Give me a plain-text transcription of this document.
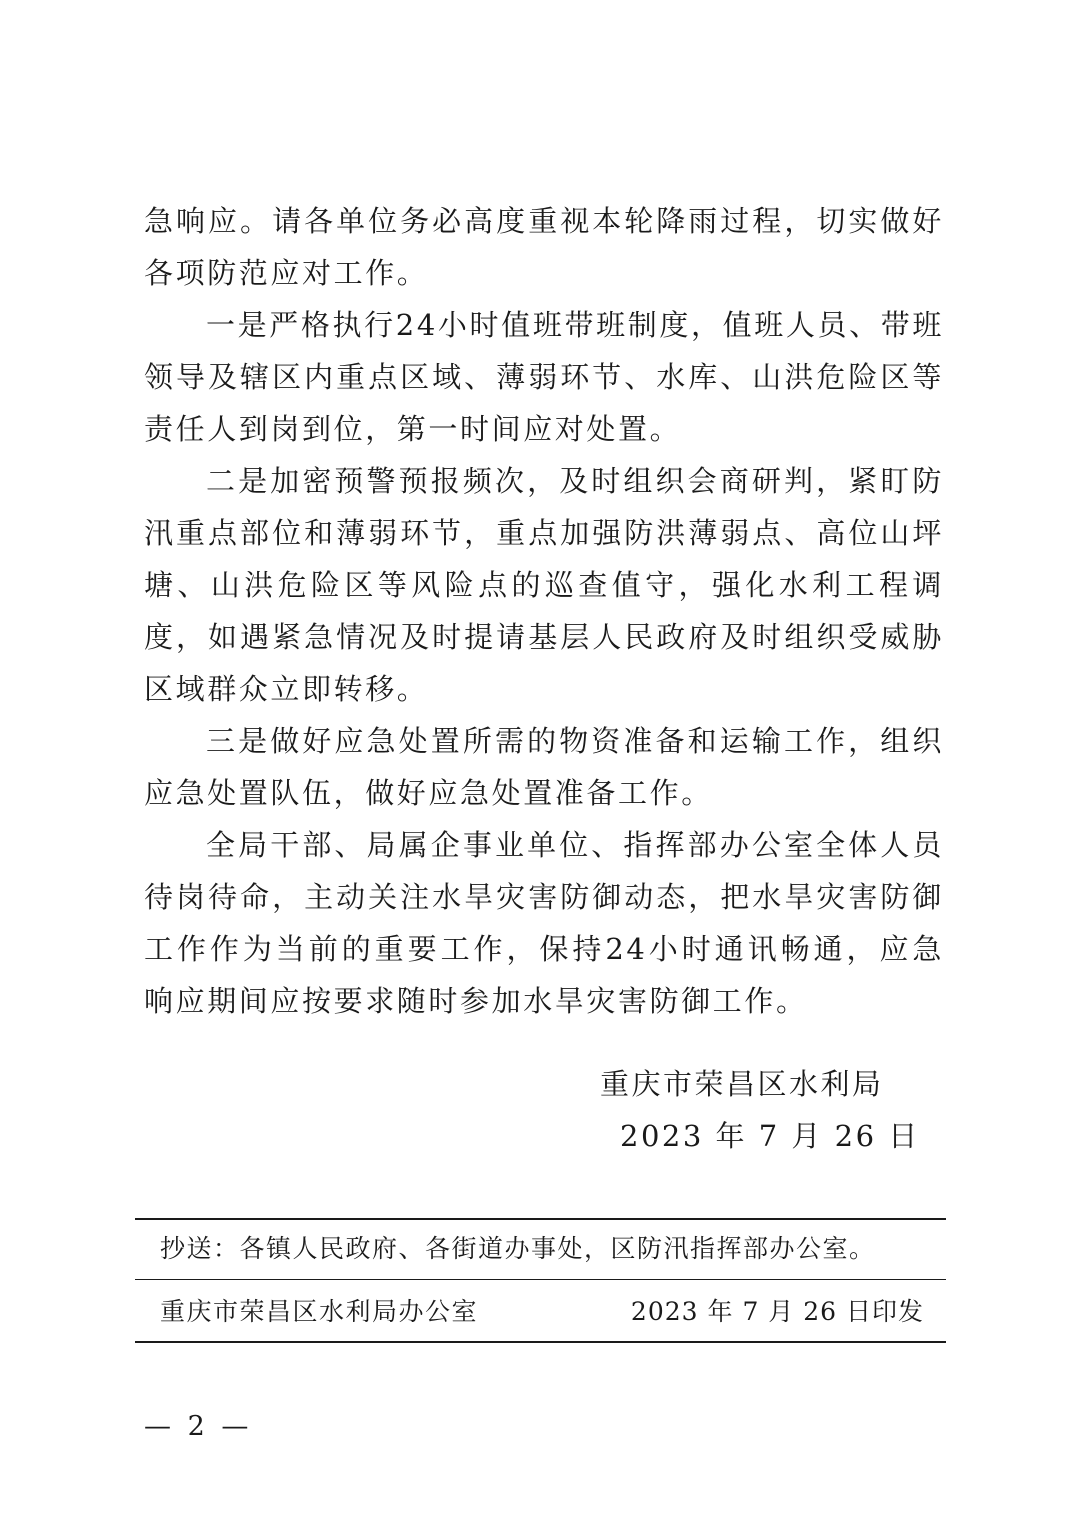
急响应。请各单位务必高度重视本轮降雨过程，切实做好各项防范应对工作。

一是严格执行24小时值班带班制度，值班人员、带班领导及辖区内重点区域、薄弱环节、水库、山洪危险区等责任人到岗到位，第一时间应对处置。

二是加密预警预报频次，及时组织会商研判，紧盯防汛重点部位和薄弱环节，重点加强防洪薄弱点、高位山坪塘、山洪危险区等风险点的巡查值守，强化水利工程调度，如遇紧急情况及时提请基层人民政府及时组织受威胁区域群众立即转移。

三是做好应急处置所需的物资准备和运输工作，组织应急处置队伍，做好应急处置准备工作。

全局干部、局属企事业单位、指挥部办公室全体人员待岗待命，主动关注水旱灾害防御动态，把水旱灾害防御工作作为当前的重要工作，保持24小时通讯畅通，应急响应期间应按要求随时参加水旱灾害防御工作。

重庆市荣昌区水利局
2023 年 7 月 26 日
抄送：各镇人民政府、各街道办事处，区防汛指挥部办公室。
重庆市荣昌区水利局办公室	2023 年 7 月 26 日印发
— 2 —
